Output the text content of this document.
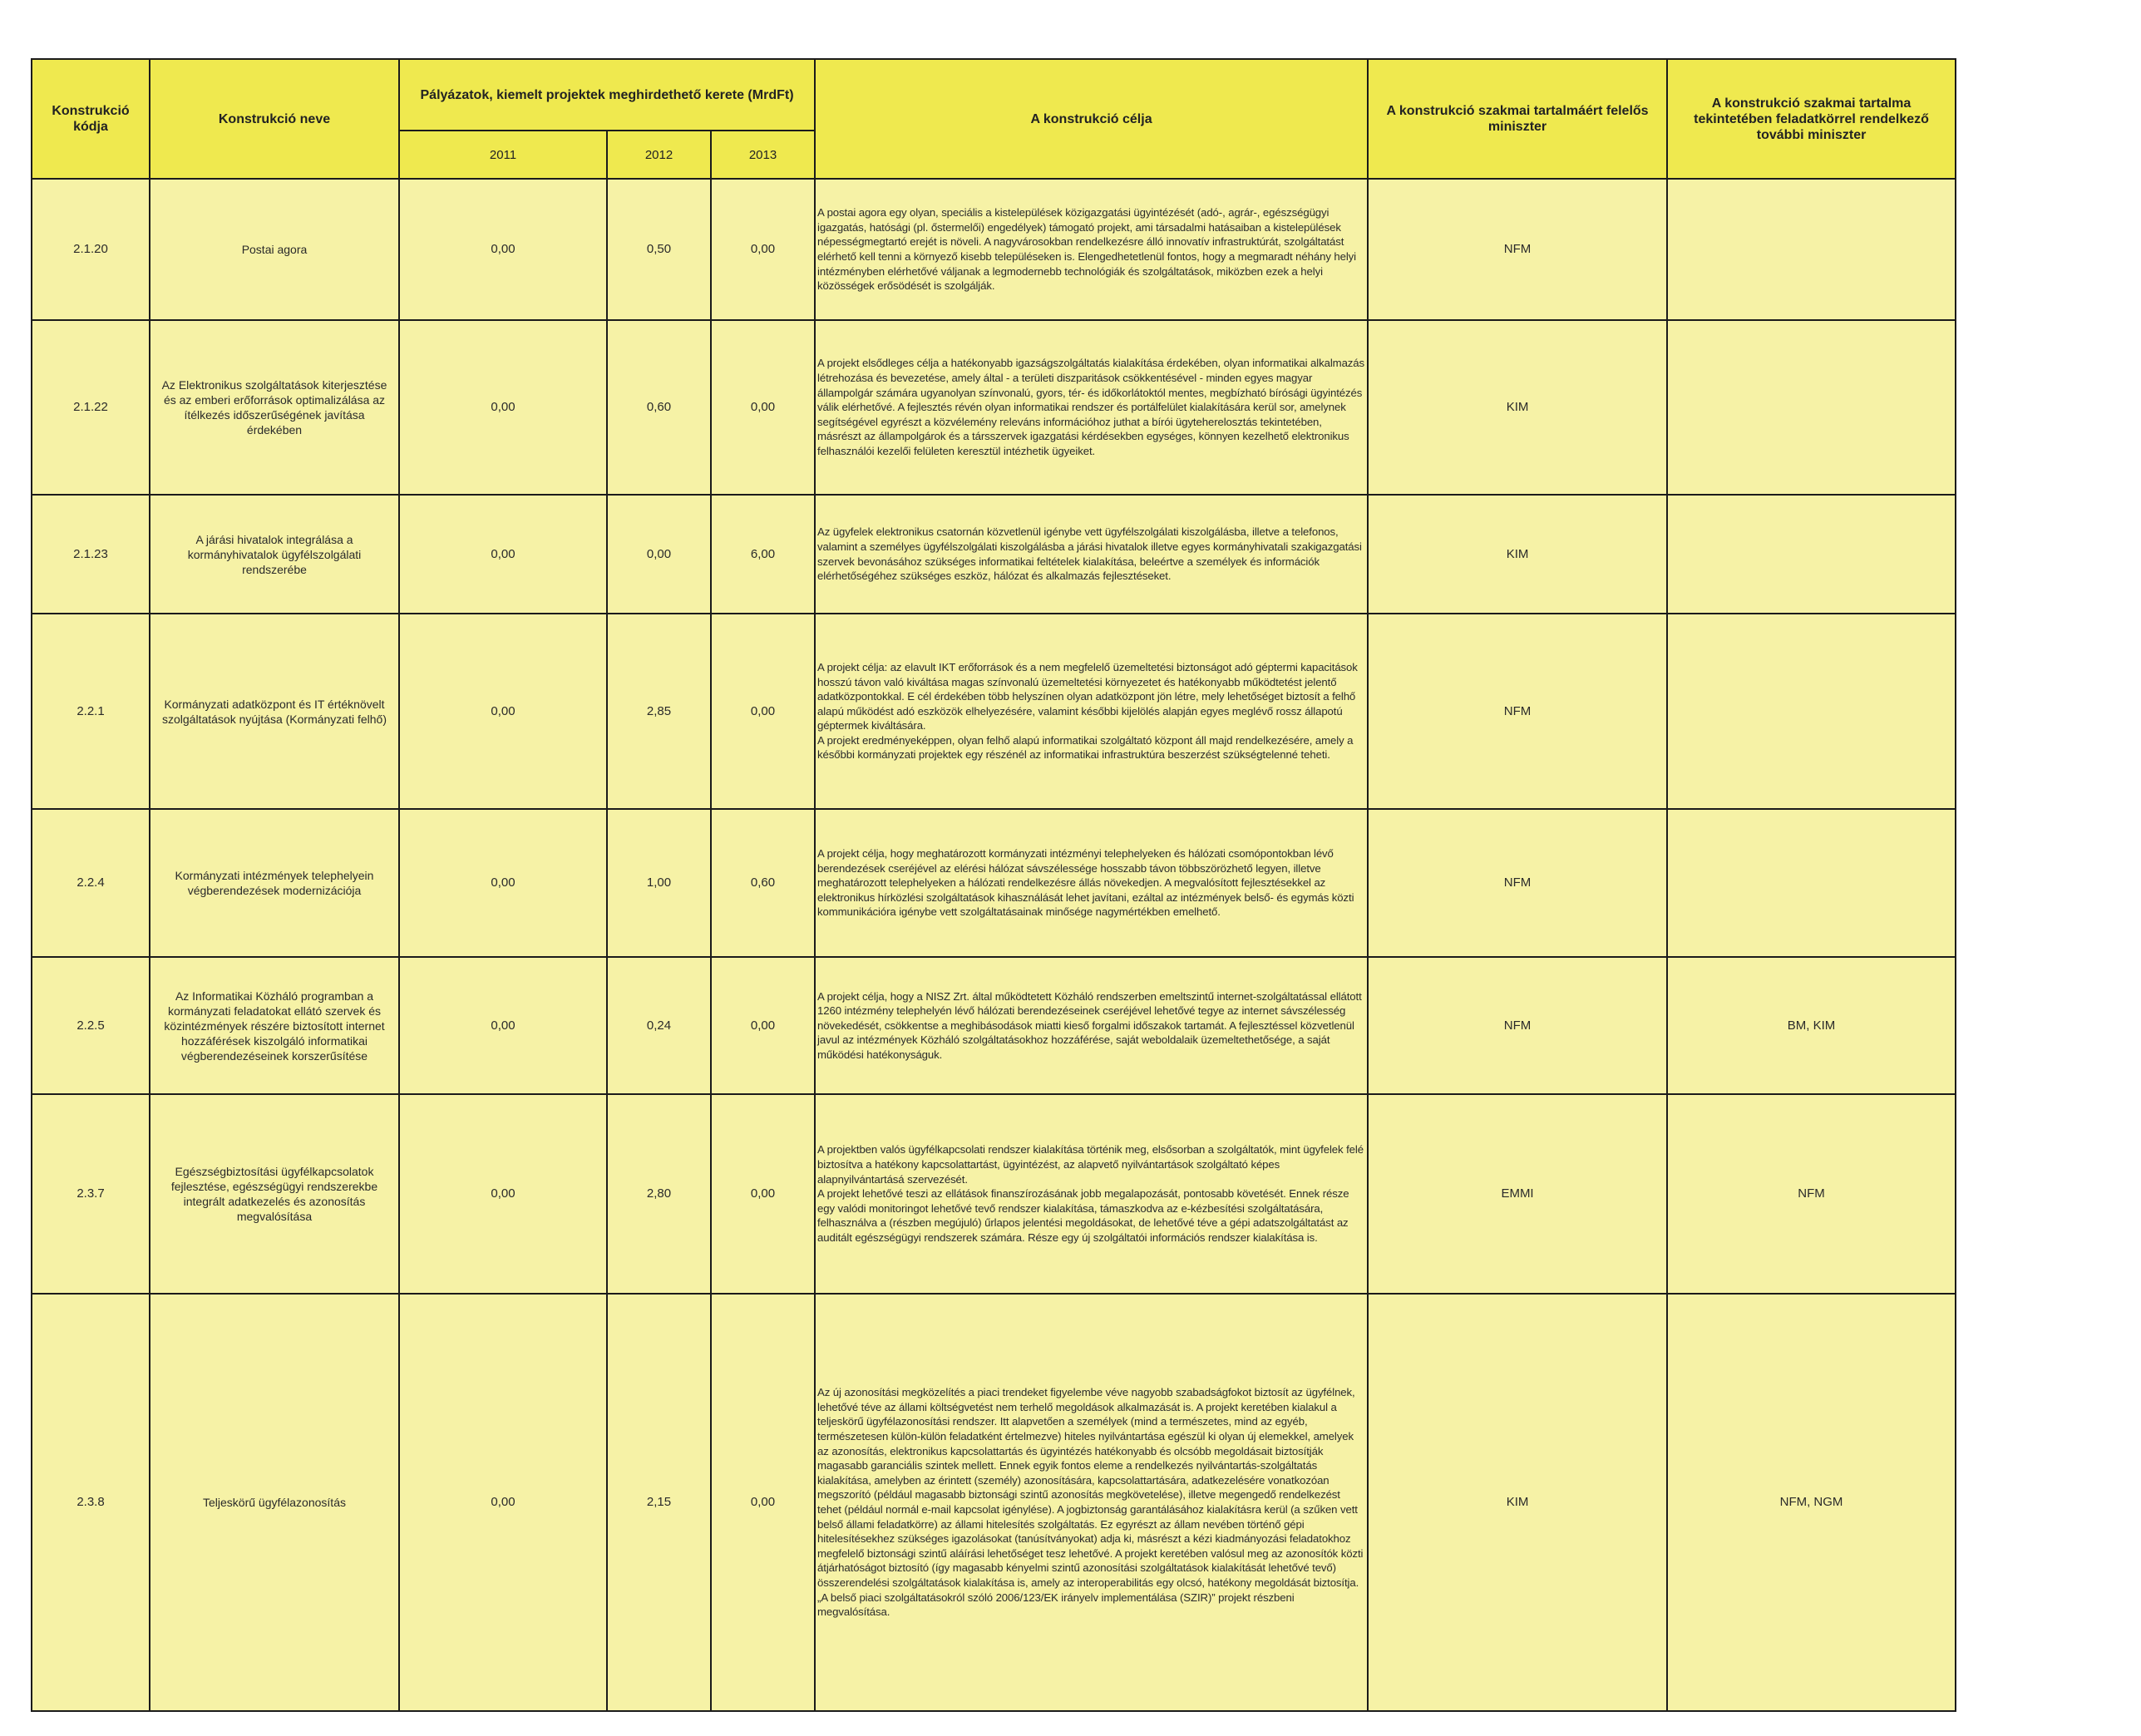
Konstrukció kódja	Konstrukció neve	Pályázatok, kiemelt projektek meghirdethető kerete (MrdFt)			A konstrukció célja	A konstrukció szakmai tartalmáért felelős miniszter	A konstrukció szakmai tartalma tekintetében feladatkörrel rendelkező további miniszter
		2011	2012	2013			
2.1.20	Postai agora	0,00	0,50	0,00	A postai agora egy olyan, speciális a kistelepülések közigazgatási ügyintézését (adó-, agrár-, egészségügyi igazgatás, hatósági (pl. őstermelői) engedélyek) támogató projekt, ami társadalmi hatásaiban a kistelepülések népességmegtartó erejét is növeli. A nagyvárosokban rendelkezésre álló innovatív infrastruktúrát, szolgáltatást elérhető kell tenni a környező kisebb településeken is. Elengedhetetlenül fontos, hogy a megmaradt néhány helyi intézményben elérhetővé váljanak a legmodernebb technológiák és szolgáltatások, miközben ezek a helyi közösségek erősödését is szolgálják.	NFM	
2.1.22	Az Elektronikus szolgáltatások kiterjesztése és az emberi erőforrások optimalizálása az ítélkezés időszerűségének javítása érdekében	0,00	0,60	0,00	A projekt elsődleges célja a hatékonyabb igazságszolgáltatás kialakítása érdekében, olyan informatikai alkalmazás létrehozása és bevezetése, amely által - a területi diszparitások csökkentésével - minden egyes magyar állampolgár számára ugyanolyan színvonalú, gyors, tér- és időkorlátoktól mentes, megbízható bírósági ügyintézés válik elérhetővé. A fejlesztés révén olyan informatikai rendszer és portálfelület kialakítására kerül sor, amelynek segítségével egyrészt a közvélemény releváns információhoz juthat a bírói ügyteherelosztás tekintetében, másrészt az állampolgárok és a társszervek igazgatási kérdésekben egységes, könnyen kezelhető elektronikus felhasználói kezelői felületen keresztül intézhetik ügyeiket.	KIM	
2.1.23	A járási hivatalok integrálása a kormányhivatalok ügyfélszolgálati rendszerébe	0,00	0,00	6,00	Az ügyfelek elektronikus csatornán közvetlenül igénybe vett ügyfélszolgálati kiszolgálásba, illetve a telefonos, valamint a személyes ügyfélszolgálati kiszolgálásba a járási hivatalok illetve egyes kormányhivatali szakigazgatási szervek bevonásához szükséges informatikai feltételek kialakítása, beleértve a személyek és információk elérhetőségéhez szükséges eszköz, hálózat és alkalmazás fejlesztéseket.	KIM	
2.2.1	Kormányzati adatközpont és IT értéknövelt szolgáltatások nyújtása (Kormányzati felhő)	0,00	2,85	0,00	A projekt célja: az elavult IKT erőforrások és a nem megfelelő üzemeltetési biztonságot adó géptermi kapacitások hosszú távon való kiváltása magas színvonalú üzemeltetési környezetet és hatékonyabb működtetést jelentő adatközpontokkal. E cél érdekében több helyszínen olyan adatközpont jön létre, mely lehetőséget biztosít a felhő alapú működést adó eszközök elhelyezésére, valamint későbbi kijelölés alapján egyes meglévő rossz állapotú géptermek kiváltására.
A projekt eredményeképpen, olyan felhő alapú informatikai szolgáltató központ áll majd rendelkezésére, amely a későbbi kormányzati projektek egy részénél az informatikai infrastruktúra beszerzést szükségtelenné teheti.	NFM	
2.2.4	Kormányzati intézmények telephelyein végberendezések modernizációja	0,00	1,00	0,60	A projekt célja, hogy meghatározott kormányzati intézményi telephelyeken és hálózati csomópontokban lévő berendezések cseréjével az elérési hálózat sávszélessége hosszabb távon többszörözhető legyen, illetve meghatározott telephelyeken a hálózati rendelkezésre állás növekedjen. A megvalósított fejlesztésekkel az elektronikus hírközlési szolgáltatások kihasználását lehet javítani, ezáltal az intézmények belső- és egymás közti kommunikációra igénybe vett szolgáltatásainak minősége nagymértékben emelhető.	NFM	
2.2.5	Az Informatikai Közháló programban a kormányzati feladatokat ellátó szervek és közintézmények részére biztosított internet hozzáférések kiszolgáló informatikai végberendezéseinek korszerűsítése	0,00	0,24	0,00	A projekt célja, hogy a NISZ Zrt. által működtetett Közháló rendszerben emeltszintű internet-szolgáltatással ellátott 1260 intézmény telephelyén lévő hálózati berendezéseinek cseréjével lehetővé tegye az internet sávszélesség növekedését, csökkentse a meghibásodások miatti kieső forgalmi időszakok tartamát. A fejlesztéssel közvetlenül javul az intézmények Közháló szolgáltatásokhoz hozzáférése, saját weboldalaik üzemeltethetősége, a saját működési hatékonyságuk.	NFM	BM, KIM
2.3.7	Egészségbiztosítási ügyfélkapcsolatok fejlesztése, egészségügyi rendszerekbe integrált adatkezelés és azonosítás megvalósítása	0,00	2,80	0,00	A projektben valós ügyfélkapcsolati rendszer kialakítása történik meg, elsősorban a szolgáltatók, mint ügyfelek felé biztosítva a hatékony kapcsolattartást, ügyintézést, az alapvető nyilvántartások szolgáltató képes alapnyilvántartásá szervezését.
A projekt lehetővé teszi az ellátások finanszírozásának jobb megalapozását, pontosabb követését. Ennek része egy valódi monitoringot lehetővé tevő rendszer kialakítása, támaszkodva az e-kézbesítési szolgáltatására, felhasználva a (részben megújuló) űrlapos jelentési megoldásokat, de lehetővé téve a gépi adatszolgáltatást az auditált egészségügyi rendszerek számára. Része egy új szolgáltatói információs rendszer kialakítása is.	EMMI	NFM
2.3.8	Teljeskörű ügyfélazonosítás	0,00	2,15	0,00	Az új azonosítási megközelítés a piaci trendeket figyelembe véve nagyobb szabadságfokot biztosít az ügyfélnek, lehetővé téve az állami költségvetést nem terhelő megoldások alkalmazását is. A projekt keretében kialakul a teljeskörű ügyfélazonosítási rendszer. Itt alapvetően a személyek (mind a természetes, mind az egyéb, természetesen külön-külön feladatként értelmezve) hiteles nyilvántartása egészül ki olyan új elemekkel, amelyek az azonosítás, elektronikus kapcsolattartás és ügyintézés hatékonyabb és olcsóbb megoldásait biztosítják magasabb garanciális szintek mellett. Ennek egyik fontos eleme a rendelkezés nyilvántartás-szolgáltatás kialakítása, amelyben az érintett (személy) azonosítására, kapcsolattartására, adatkezelésére vonatkozóan megszorító (például magasabb biztonsági szintű azonosítás megkövetelése), illetve megengedő rendelkezést tehet (például normál e-mail kapcsolat igénylése). A jogbiztonság garantálásához kialakításra kerül (a szűken vett belső állami feladatkörre) az állami hitelesítés szolgáltatás. Ez egyrészt az állam nevében történő gépi hitelesítésekhez szükséges igazolásokat (tanúsítványokat) adja ki, másrészt a kézi kiadmányozási feladatokhoz megfelelő biztonsági szintű aláírási lehetőséget tesz lehetővé. A projekt keretében valósul meg az azonosítók közti átjárhatóságot biztosító (így magasabb kényelmi szintű azonosítási szolgáltatások kialakítását lehetővé tevő) összerendelési szolgáltatások kialakítása is, amely az interoperabilitás egy olcsó, hatékony megoldását biztosítja. „A belső piaci szolgáltatásokról szóló 2006/123/EK irányelv implementálása (SZIR)” projekt részbeni megvalósítása.	KIM	NFM, NGM
